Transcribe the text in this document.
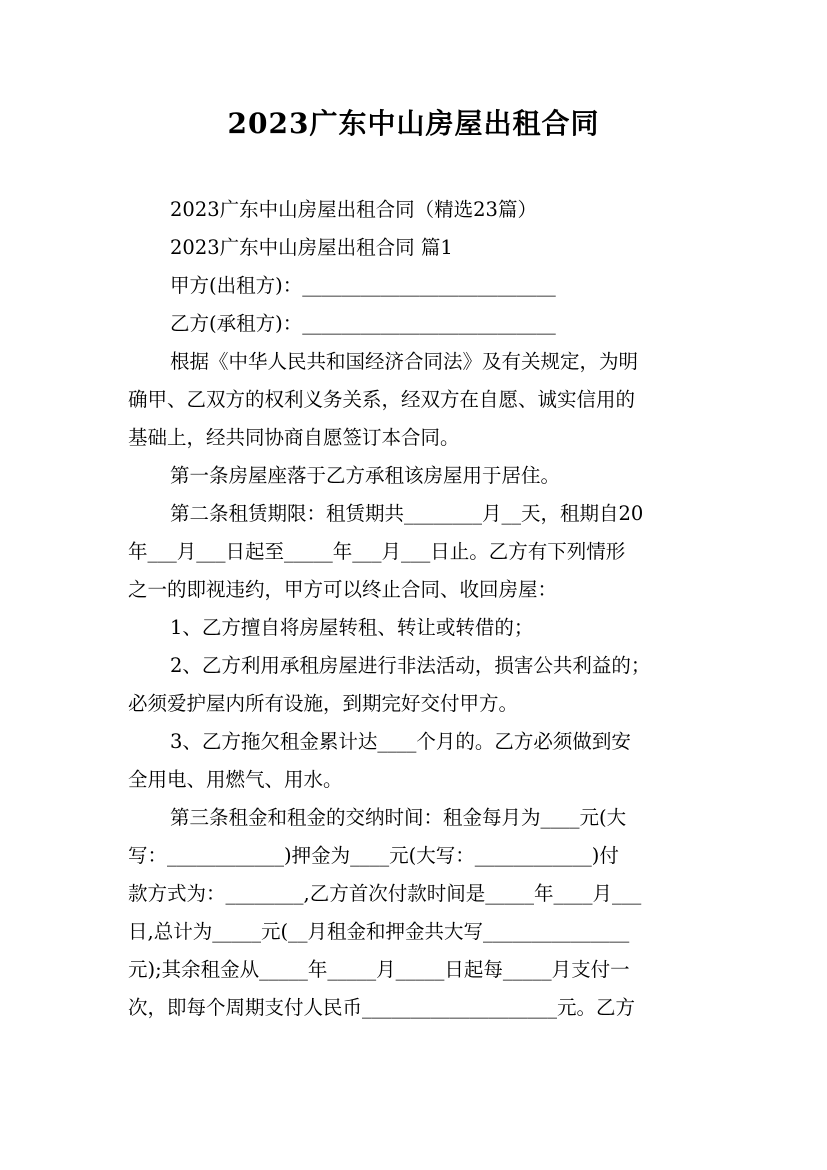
2023广东中山房屋出租合同
2023广东中山房屋出租合同（精选23篇）
2023广东中山房屋出租合同 篇1
甲方(出租方)：__________________________
乙方(承租方)：__________________________
根据《中华人民共和国经济合同法》及有关规定，为明
确甲、乙双方的权利义务关系，经双方在自愿、诚实信用的
基础上，经共同协商自愿签订本合同。
第一条房屋座落于乙方承租该房屋用于居住。
第二条租赁期限：租赁期共________月__天，租期自20
年___月___日起至_____年___月___日止。乙方有下列情形
之一的即视违约，甲方可以终止合同、收回房屋：
1、乙方擅自将房屋转租、转让或转借的；
2、乙方利用承租房屋进行非法活动，损害公共利益的；
必须爱护屋内所有设施，到期完好交付甲方。
3、乙方拖欠租金累计达____个月的。乙方必须做到安
全用电、用燃气、用水。
第三条租金和租金的交纳时间：租金每月为____元(大
写：____________)押金为____元(大写：____________)付
款方式为：________,乙方首次付款时间是_____年____月___
日,总计为_____元(__月租金和押金共大写_______________
元);其余租金从_____年_____月_____日起每_____月支付一
次，即每个周期支付人民币____________________元。乙方
